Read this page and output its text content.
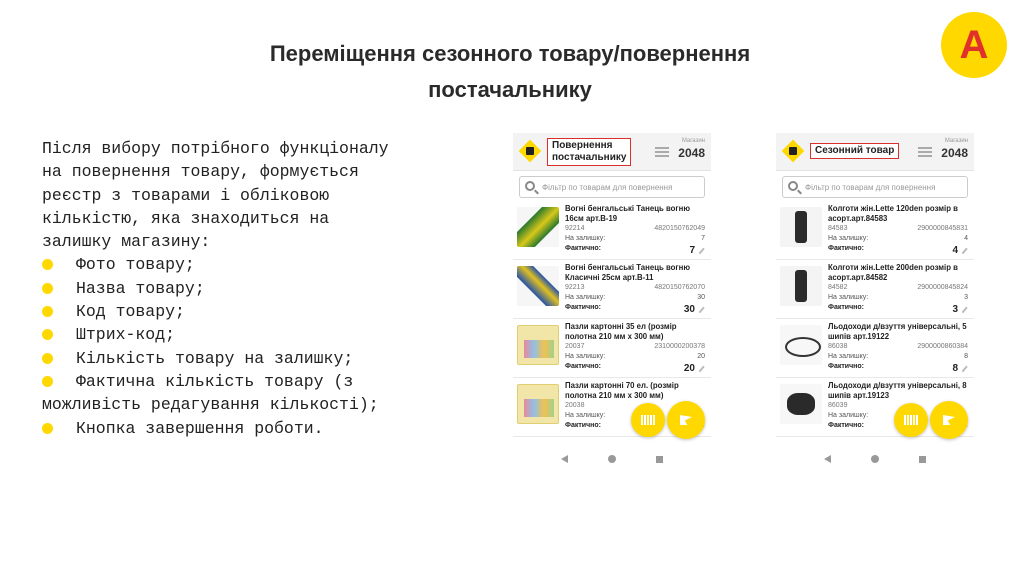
Переміщення сезонного товару/повернення
постачальнику
A

Після вибору потрібного функціоналу

на повернення товару, формується

реєстр з товарами і обліковою

кількістю, яка знаходиться на

залишку магазину:

Фото товару;
Назва товару;
Код товару;
Штрих-код;
Кількість товару на залишку;
Фактична кількість товару (з
можливість редагування кількості);
Кнопка завершення роботи.
Повернення
постачальнику
Магазин
2048
Фільтр по товарам для повернення
Вогні бенгальські Танець вогню 16см арт.В-19
92214	4820150762049
На залишку:	7
Фактично:	7
Вогні бенгальські Танець вогню Класичні 25см арт.В-11
92213	4820150762070
На залишку:	30
Фактично:	30
Пазли картонні 35 ел (розмір полотна 210 мм х 300 мм)
20037	2310000200378
На залишку:	20
Фактично:	20
Пазли картонні 70 ел. (розмір полотна 210 мм х 300 мм)
20038
На залишку:
Фактично:
Сезонний товар
Магазин
2048
Фільтр по товарам для повернення
Колготи жін.Lette 120den розмір в асорт.арт.84583
84583	2900000845831
На залишку:	4
Фактично:	4
Колготи жін.Lette 200den розмір в асорт.арт.84582
84582	2900000845824
На залишку:	3
Фактично:	3
Льодоходи д/взуття універсальні, 5 шипів арт.19122
86038	2900000860384
На залишку:	8
Фактично:	8
Льодоходи д/взуття універсальні, 8 шипів арт.19123
86039
На залишку:
Фактично:
